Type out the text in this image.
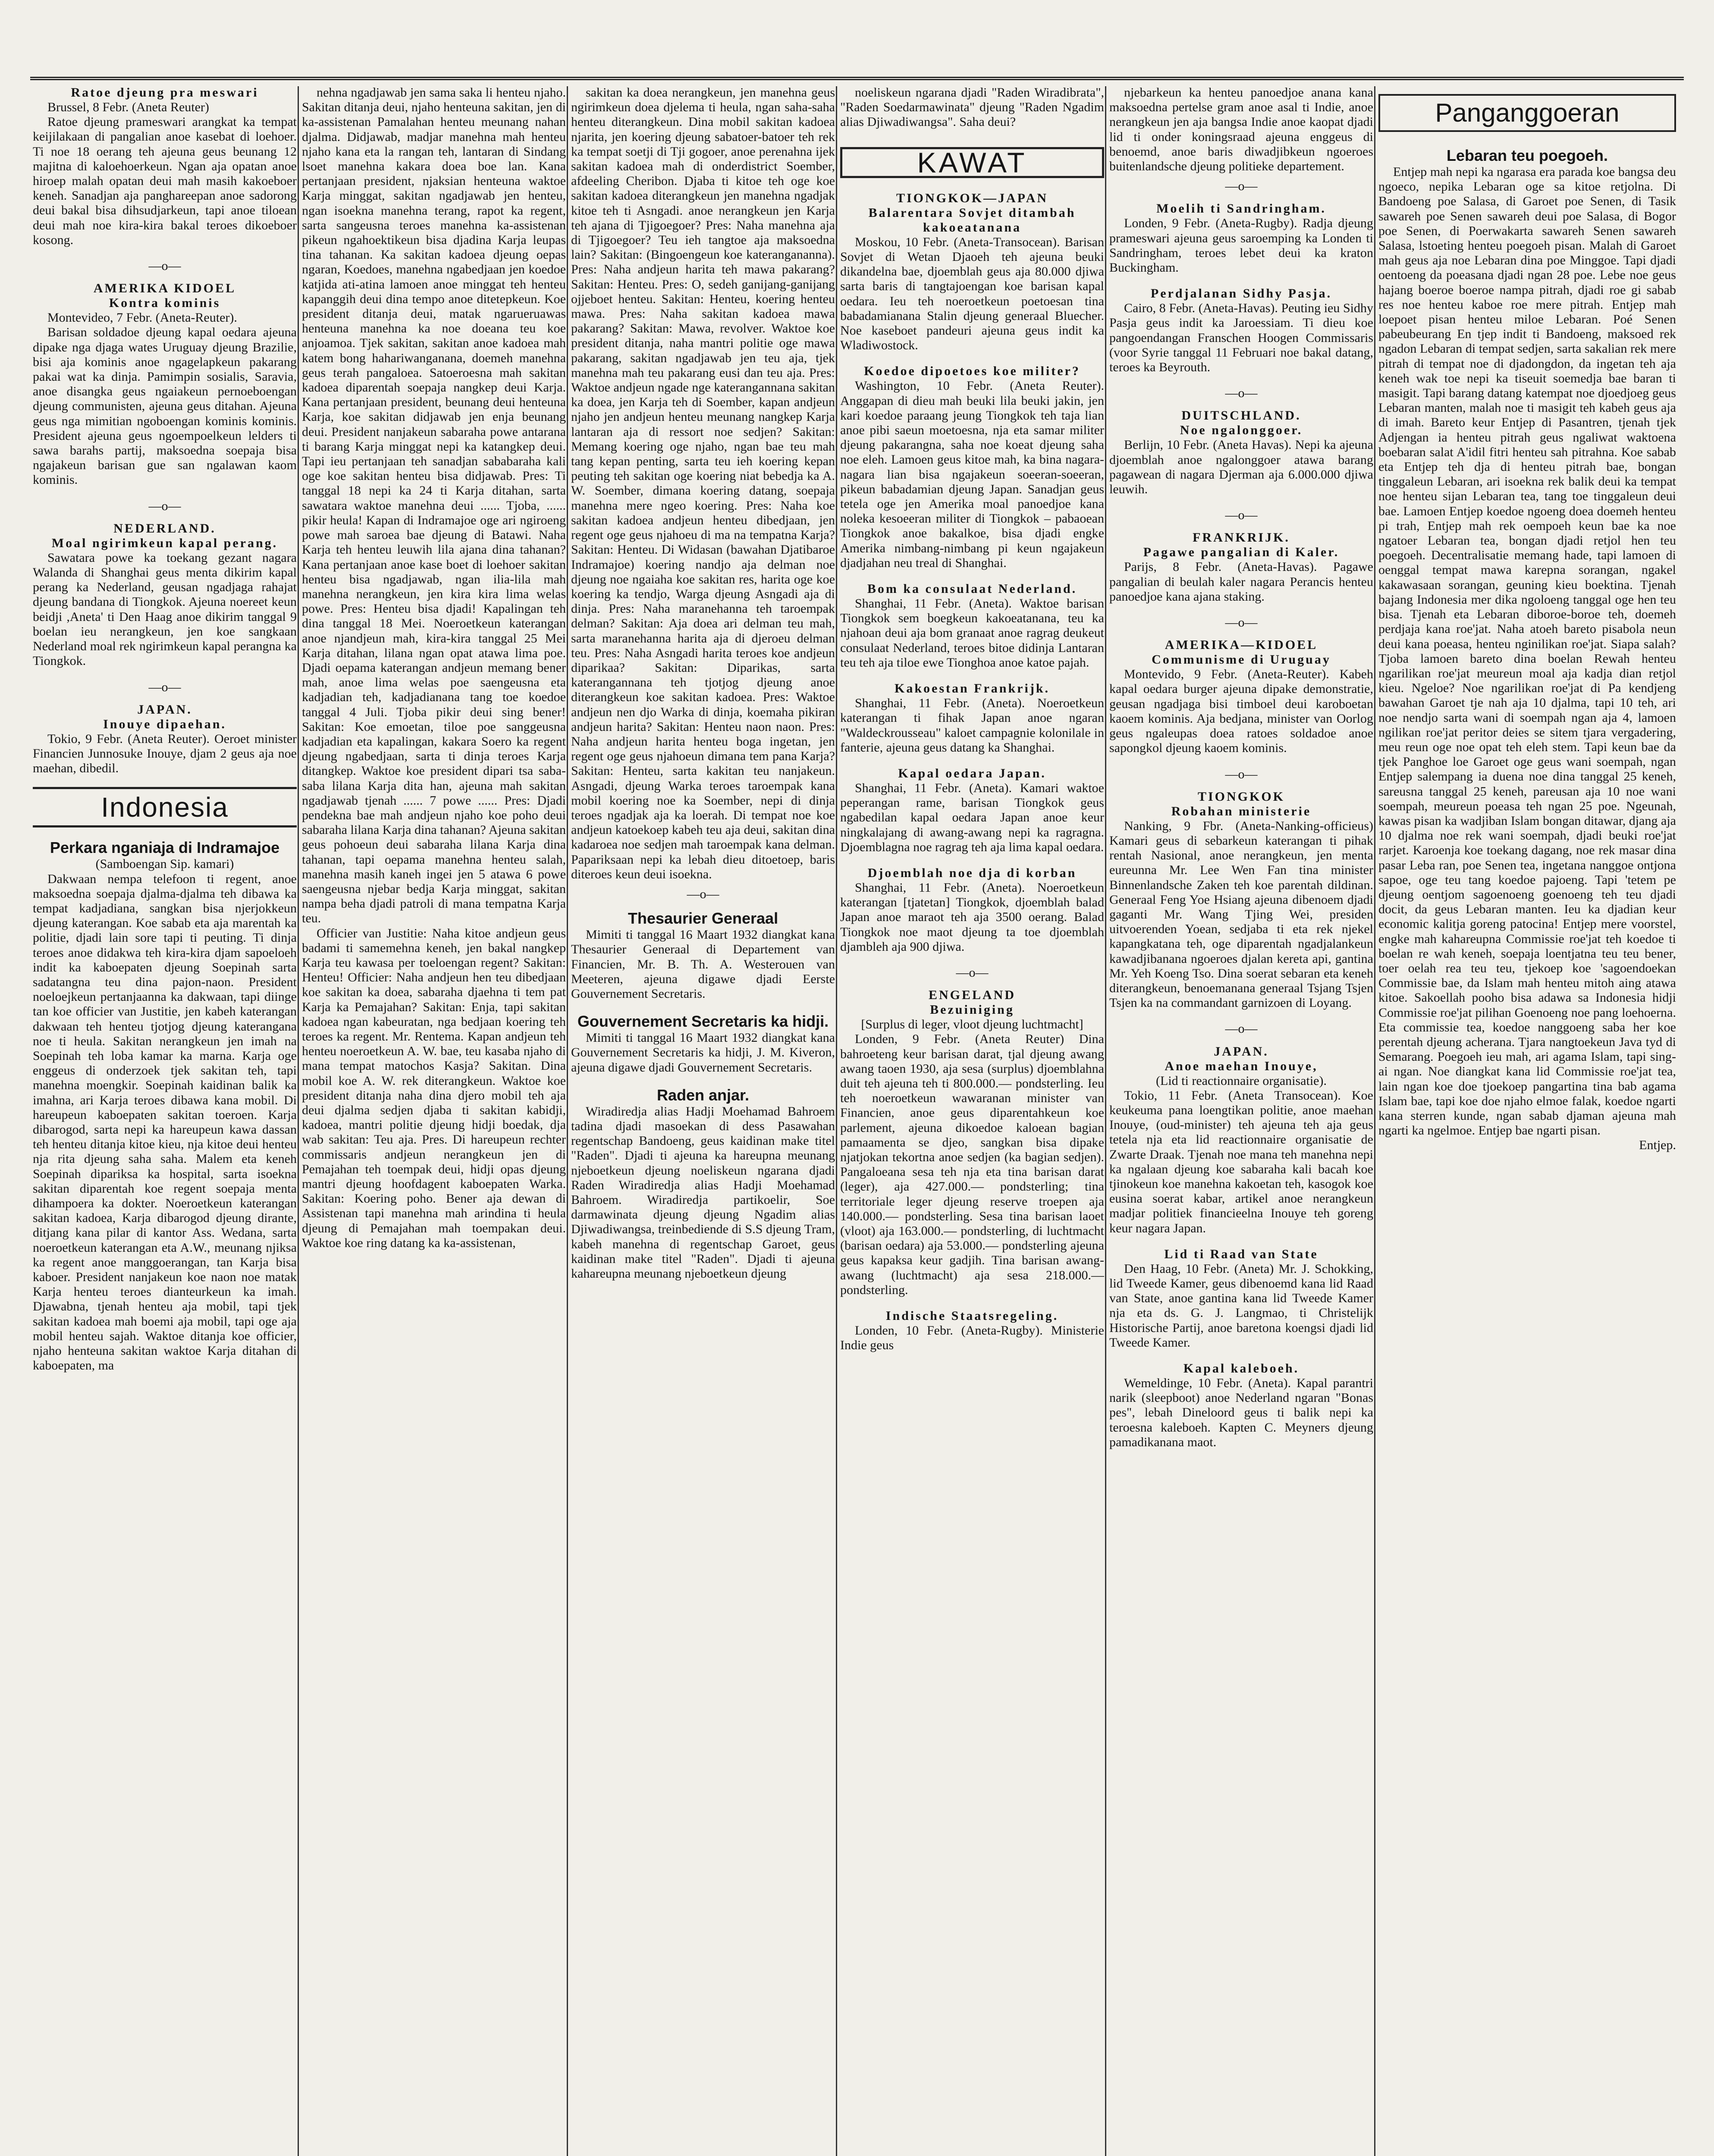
Ratoe djeung pra meswari

Brussel, 8 Febr. (Aneta Reuter)

Ratoe djeung prameswari arangkat ka tempat keijilakaan di pangalian anoe kasebat di loehoer. Ti noe 18 oerang teh ajeuna geus beunang 12 majitna di kaloehoerkeun. Ngan aja opatan anoe hiroep malah opatan deui mah masih kakoeboer keneh. Sanadjan aja panghareepan anoe sadorong deui bakal bisa dihsudjarkeun, tapi anoe tiloean deui mah noe kira-kira bakal teroes dikoeboer kosong.

—o—

AMERIKA KIDOEL

Kontra kominis

Montevideo, 7 Febr. (Aneta-Reuter).

Barisan soldadoe djeung kapal oedara ajeuna dipake nga djaga wates Uruguay djeung Brazilie, bisi aja kominis anoe ngagelapkeun pakarang pakai wat ka dinja. Pamimpin sosialis, Saravia, anoe disangka geus ngaiakeun pernoeboengan djeung communisten, ajeuna geus ditahan. Ajeuna geus nga mimitian ngoboengan kominis kominis. President ajeuna geus ngoempoelkeun lelders ti sawa barahs partij, maksoedna soepaja bisa ngajakeun barisan gue san ngalawan kaom kominis.

—o—

NEDERLAND.

Moal ngirimkeun kapal perang.

Sawatara powe ka toekang gezant nagara Walanda di Shanghai geus menta dikirim kapal perang ka Nederland, geusan ngadjaga rahajat djeung bandana di Tiongkok. Ajeuna noereet keun beidji ,Aneta' ti Den Haag anoe dikirim tanggal 9 boelan ieu nerangkeun, jen koe sangkaan Nederland moal rek ngirimkeun kapal perangna ka Tiongkok.

—o—

JAPAN.

Inouye dipaehan.

Tokio, 9 Febr. (Aneta Reuter). Oeroet minister Financien Junnosuke Inouye, djam 2 geus aja noe maehan, dibedil.

Indonesia

Perkara nganiaja di Indramajoe

(Samboengan Sip. kamari)

Dakwaan nempa telefoon ti regent, anoe maksoedna soepaja djalma-djalma teh dibawa ka tempat kadjadiana, sangkan bisa njerjokkeun djeung katerangan. Koe sabab eta aja marentah ka politie, djadi lain sore tapi ti peuting. Ti dinja teroes anoe didakwa teh kira-kira djam sapoeloeh indit ka kaboepaten djeung Soepinah sarta sadatangna teu dina pajon-naon. President noeloejkeun pertanjaanna ka dakwaan, tapi diinge tan koe officier van Justitie, jen kabeh katerangan dakwaan teh henteu tjotjog djeung katerangana noe ti heula. Sakitan nerangkeun jen imah na Soepinah teh loba kamar ka marna. Karja oge enggeus di onderzoek tjek sakitan teh, tapi manehna moengkir. Soepinah kaidinan balik ka imahna, ari Karja teroes dibawa kana mobil. Di hareupeun kaboepaten sakitan toeroen. Karja dibarogod, sarta nepi ka hareupeun kawa dassan teh henteu ditanja kitoe kieu, nja kitoe deui henteu nja rita djeung saha saha. Malem eta keneh Soepinah dipariksa ka hospital, sarta isoekna sakitan diparentah koe regent soepaja menta dihampoera ka dokter. Noeroetkeun katerangan sakitan kadoea, Karja dibarogod djeung dirante, ditjang kana pilar di kantor Ass. Wedana, sarta noeroetkeun katerangan eta A.W., meunang njiksa ka regent anoe manggoerangan, tan Karja bisa kaboer. President nanjakeun koe naon noe matak Karja henteu teroes dianteurkeun ka imah. Djawabna, tjenah henteu aja mobil, tapi tjek sakitan kadoea mah boemi aja mobil, tapi oge aja mobil henteu sajah. Waktoe ditanja koe officier, njaho henteuna sakitan waktoe Karja ditahan di kaboepaten, ma

nehna ngadjawab jen sama saka li henteu njaho. Sakitan ditanja deui, njaho henteuna sakitan, jen di ka-assistenan Pamalahan henteu meunang nahan djalma. Didjawab, madjar manehna mah henteu njaho kana eta la rangan teh, lantaran di Sindang lsoet manehna kakara doea boe lan. Kana pertanjaan president, njaksian henteuna waktoe Karja minggat, sakitan ngadjawab jen henteu, ngan isoekna manehna terang, rapot ka regent, sarta sangeusna teroes manehna ka-assistenan pikeun ngahoektikeun bisa djadina Karja leupas tina tahanan. Ka sakitan kadoea djeung oepas ngaran, Koedoes, manehna ngabedjaan jen koedoe katjida ati-atina lamoen anoe minggat teh henteu kapanggih deui dina tempo anoe ditetepkeun. Koe president ditanja deui, matak ngarueruawas henteuna manehna ka noe doeana teu koe anjoamoa. Tjek sakitan, sakitan anoe kadoea mah katem bong hahariwanganana, doemeh manehna geus terah pangaloea. Satoeroesna mah sakitan kadoea diparentah soepaja nangkep deui Karja. Kana pertanjaan president, beunang deui henteuna Karja, koe sakitan didjawab jen enja beunang deui. President nanjakeun sabaraha powe antarana ti barang Karja minggat nepi ka katangkep deui. Tapi ieu pertanjaan teh sanadjan sababaraha kali oge koe sakitan henteu bisa didjawab. Pres: Ti tanggal 18 nepi ka 24 ti Karja ditahan, sarta sawatara waktoe manehna deui ...... Tjoba, ...... pikir heula! Kapan di Indramajoe oge ari ngiroeng powe mah saroea bae djeung di Batawi. Naha Karja teh henteu leuwih lila ajana dina tahanan? Kana pertanjaan anoe kase boet di loehoer sakitan henteu bisa ngadjawab, ngan ilia-lila mah manehna nerangkeun, jen kira kira lima welas powe. Pres: Henteu bisa djadi! Kapalingan teh dina tanggal 18 Mei. Noeroetkeun katerangan anoe njandjeun mah, kira-kira tanggal 25 Mei Karja ditahan, lilana ngan opat atawa lima poe. Djadi oepama katerangan andjeun memang bener mah, anoe lima welas poe saengeusna eta kadjadian teh, kadjadianana tang toe koedoe tanggal 4 Juli. Tjoba pikir deui sing bener! Sakitan: Koe emoetan, tiloe poe sanggeusna kadjadian eta kapalingan, kakara Soero ka regent djeung ngabedjaan, sarta ti dinja teroes Karja ditangkep. Waktoe koe president dipari tsa saba-saba lilana Karja dita han, ajeuna mah sakitan ngadjawab tjenah ...... 7 powe ...... Pres: Djadi pendekna bae mah andjeun njaho koe poho deui sabaraha lilana Karja dina tahanan? Ajeuna sakitan geus pohoeun deui sabaraha lilana Karja dina tahanan, tapi oepama manehna henteu salah, manehna masih kaneh ingei jen 5 atawa 6 powe saengeusna njebar bedja Karja minggat, sakitan nampa beha djadi patroli di mana tempatna Karja teu.

Officier van Justitie: Naha kitoe andjeun geus badami ti samemehna keneh, jen bakal nangkep Karja teu kawasa per toeloengan regent? Sakitan: Henteu! Officier: Naha andjeun hen teu dibedjaan koe sakitan ka doea, sabaraha djaehna ti tem pat Karja ka Pemajahan? Sakitan: Enja, tapi sakitan kadoea ngan kabeuratan, nga bedjaan koering teh teroes ka regent. Mr. Rentema. Kapan andjeun teh henteu noeroetkeun A. W. bae, teu kasaba njaho di mana tempat matochos Kasja? Sakitan. Dina mobil koe A. W. rek diterangkeun. Waktoe koe president ditanja naha dina djero mobil teh aja deui djalma sedjen djaba ti sakitan kabidji, kadoea, mantri politie djeung hidji boedak, dja wab sakitan: Teu aja. Pres. Di hareupeun rechter commissaris andjeun nerangkeun jen di Pemajahan teh toempak deui, hidji opas djeung mantri djeung hoofdagent kaboepaten Warka. Sakitan: Koering poho. Bener aja dewan di Assistenan tapi manehna mah arindina ti heula djeung di Pemajahan mah toempakan deui. Waktoe koe ring datang ka ka-assistenan,

sakitan ka doea nerangkeun, jen manehna geus ngirimkeun doea djelema ti heula, ngan saha-saha henteu diterangkeun. Dina mobil sakitan kadoea njarita, jen koering djeung sabatoer-batoer teh rek ka tempat soetji di Tji gogoer, anoe perenahna ijek sakitan kadoea mah di onderdistrict Soember, afdeeling Cheribon. Djaba ti kitoe teh oge koe sakitan kadoea diterangkeun jen manehna ngadjak kitoe teh ti Asngadi. anoe nerangkeun jen Karja teh ajana di Tjigoegoer? Pres: Naha manehna aja di Tjigoegoer? Teu ieh tangtoe aja maksoedna lain? Sakitan: (Bingoengeun koe katerangananna). Pres: Naha andjeun harita teh mawa pakarang? Sakitan: Henteu. Pres: O, sedeh ganijang-ganijang ojjeboet henteu. Sakitan: Henteu, koering henteu mawa. Pres: Naha sakitan kadoea mawa pakarang? Sakitan: Mawa, revolver. Waktoe koe president ditanja, naha mantri politie oge mawa pakarang, sakitan ngadjawab jen teu aja, tjek manehna mah teu pakarang eusi dan teu aja. Pres: Waktoe andjeun ngade nge katerangannana sakitan ka doea, jen Karja teh di Soember, kapan andjeun njaho jen andjeun henteu meunang nangkep Karja lantaran aja di ressort noe sedjen? Sakitan: Memang koering oge njaho, ngan bae teu mah tang kepan penting, sarta teu ieh koering kepan peuting teh sakitan oge koering niat bebedja ka A. W. Soember, dimana koering datang, soepaja manehna mere ngeo koering. Pres: Naha koe sakitan kadoea andjeun henteu dibedjaan, jen regent oge geus njahoeu di ma na tempatna Karja? Sakitan: Henteu. Di Widasan (bawahan Djatibaroe Indramajoe) koering nandjo aja delman noe djeung noe ngaiaha koe sakitan res, harita oge koe koering ka tendjo, Warga djeung Asngadi aja di dinja. Pres: Naha maranehanna teh taroempak delman? Sakitan: Aja doea ari delman teu mah, sarta maranehanna harita aja di djeroeu delman teu. Pres: Naha Asngadi harita teroes koe andjeun diparikaa? Sakitan: Diparikas, sarta katerangannana teh tjotjog djeung anoe diterangkeun koe sakitan kadoea. Pres: Waktoe andjeun nen djo Warka di dinja, koemaha pikiran andjeun harita? Sakitan: Henteu naon naon. Pres: Naha andjeun harita henteu boga ingetan, jen regent oge geus njahoeun dimana tem pana Karja? Sakitan: Henteu, sarta kakitan teu nanjakeun. Asngadi, djeung Warka teroes taroempak kana mobil koering noe ka Soember, nepi di dinja teroes ngadjak aja ka loerah. Di tempat noe koe andjeun katoekoep kabeh teu aja deui, sakitan dina kadaroea noe sedjen mah taroempak kana delman. Papariksaan nepi ka lebah dieu ditoetoep, baris diteroes keun deui isoekna.

—o—

Thesaurier Generaal

Mimiti ti tanggal 16 Maart 1932 diangkat kana Thesaurier Generaal di Departement van Financien, Mr. B. Th. A. Westerouen van Meeteren, ajeuna digawe djadi Eerste Gouvernement Secretaris.

Gouvernement Secretaris ka hidji.

Mimiti ti tanggal 16 Maart 1932 diangkat kana Gouvernement Secretaris ka hidji, J. M. Kiveron, ajeuna digawe djadi Gouvernement Secretaris.

Raden anjar.

Wiradiredja alias Hadji Moehamad Bahroem tadina djadi masoekan di dess Pasawahan regentschap Bandoeng, geus kaidinan make titel "Raden". Djadi ti ajeuna ka hareupna meunang njeboetkeun djeung noeliskeun ngarana djadi Raden Wiradiredja alias Hadji Moehamad Bahroem. Wiradiredja partikoelir, Soe darmawinata djeung djeung Ngadim alias Djiwadiwangsa, treinbediende di S.S djeung Tram, kabeh manehna di regentschap Garoet, geus kaidinan make titel "Raden". Djadi ti ajeuna kahareupna meunang njeboetkeun djeung

noeliskeun ngarana djadi "Raden Wiradibrata", "Raden Soedarmawinata" djeung "Raden Ngadim alias Djiwadiwangsa". Saha deui?

KAWAT

TIONGKOK—JAPAN

Balarentara Sovjet ditambah kakoeatanana

Moskou, 10 Febr. (Aneta-Transocean). Barisan Sovjet di Wetan Djaoeh teh ajeuna beuki dikandelna bae, djoemblah geus aja 80.000 djiwa sarta baris di tangtajoengan koe barisan kapal oedara. Ieu teh noeroetkeun poetoesan tina babadamianana Stalin djeung generaal Bluecher. Noe kaseboet pandeuri ajeuna geus indit ka Wladiwostock.

Koedoe dipoetoes koe militer?

Washington, 10 Febr. (Aneta Reuter). Anggapan di dieu mah beuki lila beuki jakin, jen kari koedoe paraang jeung Tiongkok teh taja lian anoe pibi saeun moetoesna, nja eta samar militer djeung pakarangna, saha noe koeat djeung saha noe eleh. Lamoen geus kitoe mah, ka bina nagara-nagara lian bisa ngajakeun soeeran-soeeran, pikeun babadamian djeung Japan. Sanadjan geus tetela oge jen Amerika moal panoedjoe kana noleka kesoeeran militer di Tiongkok – pabaoean Tiongkok anoe bakalkoe, bisa djadi engke Amerika nimbang-nimbang pi keun ngajakeun djadjahan neu treal di Shanghai.

Bom ka consulaat Nederland.

Shanghai, 11 Febr. (Aneta). Waktoe barisan Tiongkok sem boegkeun kakoeatanana, teu ka njahoan deui aja bom granaat anoe ragrag deukeut consulaat Nederland, teroes bitoe didinja Lantaran teu teh aja tiloe ewe Tionghoa anoe katoe pajah.

Kakoestan Frankrijk.

Shanghai, 11 Febr. (Aneta). Noeroetkeun katerangan ti fihak Japan anoe ngaran "Waldeckrousseau" kaloet campagnie kolonilale in fanterie, ajeuna geus datang ka Shanghai.

Kapal oedara Japan.

Shanghai, 11 Febr. (Aneta). Kamari waktoe peperangan rame, barisan Tiongkok geus ngabedilan kapal oedara Japan anoe keur ningkalajang di awang-awang nepi ka ragragna. Djoemblagna noe ragrag teh aja lima kapal oedara.

Djoemblah noe dja di korban

Shanghai, 11 Febr. (Aneta). Noeroetkeun katerangan [tjatetan] Tiongkok, djoemblah balad Japan anoe maraot teh aja 3500 oerang. Balad Tiongkok noe maot djeung ta toe djoemblah djambleh aja 900 djiwa.

—o—

ENGELAND

Bezuiniging

[Surplus di leger, vloot djeung luchtmacht]

Londen, 9 Febr. (Aneta Reuter) Dina bahroeteng keur barisan darat, tjal djeung awang awang taoen 1930, aja sesa (surplus) djoemblahna duit teh ajeuna teh ti 800.000.— pondsterling. Ieu teh noeroetkeun wawaranan minister van Financien, anoe geus diparentahkeun koe parlement, ajeuna dikoedoe kaloean bagian pamaamenta se djeo, sangkan bisa dipake njatjokan tekortna anoe sedjen (ka bagian sedjen). Pangaloeana sesa teh nja eta tina barisan darat (leger), aja 427.000.— pondsterling; tina territoriale leger djeung reserve troepen aja 140.000.— pondsterling. Sesa tina barisan laoet (vloot) aja 163.000.— pondsterling, di luchtmacht (barisan oedara) aja 53.000.— pondsterling ajeuna geus kapaksa keur gadjih. Tina barisan awang-awang (luchtmacht) aja sesa 218.000.— pondsterling.

Indische Staatsregeling.

Londen, 10 Febr. (Aneta-Rugby). Ministerie Indie geus

njebarkeun ka henteu panoedjoe anana kana maksoedna pertelse gram anoe asal ti Indie, anoe nerangkeun jen aja bangsa Indie anoe kaopat djadi lid ti onder koningsraad ajeuna enggeus di benoemd, anoe baris diwadjibkeun ngoeroes buitenlandsche djeung politieke departement.

—o—

Moelih ti Sandringham.

Londen, 9 Febr. (Aneta-Rugby). Radja djeung prameswari ajeuna geus saroemping ka Londen ti Sandringham, teroes lebet deui ka kraton Buckingham.

Perdjalanan Sidhy Pasja.

Cairo, 8 Febr. (Aneta-Havas). Peuting ieu Sidhy Pasja geus indit ka Jaroessiam. Ti dieu koe pangoendangan Franschen Hoogen Commissaris (voor Syrie tanggal 11 Februari noe bakal datang, teroes ka Beyrouth.

—o—

DUITSCHLAND.

Noe ngalonggoer.

Berlijn, 10 Febr. (Aneta Havas). Nepi ka ajeuna djoemblah anoe ngalonggoer atawa barang pagawean di nagara Djerman aja 6.000.000 djiwa leuwih.

—o—

FRANKRIJK.

Pagawe pangalian di Kaler.

Parijs, 8 Febr. (Aneta-Havas). Pagawe pangalian di beulah kaler nagara Perancis henteu panoedjoe kana ajana staking.

—o—

AMERIKA—KIDOEL

Communisme di Uruguay

Montevido, 9 Febr. (Aneta-Reuter). Kabeh kapal oedara burger ajeuna dipake demonstratie, geusan ngadjaga bisi timboel deui karoboetan kaoem kominis. Aja bedjana, minister van Oorlog geus ngaleupas doea ratoes soldadoe anoe sapongkol djeung kaoem kominis.

—o—

TIONGKOK

Robahan ministerie

Nanking, 9 Fbr. (Aneta-Nanking-officieus) Kamari geus di sebarkeun katerangan ti pihak rentah Nasional, anoe nerangkeun, jen menta eureunna Mr. Lee Wen Fan tina minister Binnenlandsche Zaken teh koe parentah dildinan. Generaal Feng Yoe Hsiang ajeuna dibenoem djadi gaganti Mr. Wang Tjing Wei, presiden uitvoerenden Yoean, sedjaba ti eta rek njekel kapangkatana teh, oge diparentah ngadjalankeun kawadjibanana ngoeroes djalan kereta api, gantina Mr. Yeh Koeng Tso. Dina soerat sebaran eta keneh diterangkeun, benoemanana generaal Tsjang Tsjen Tsjen ka na commandant garnizoen di Loyang.

—o—

JAPAN.

Anoe maehan Inouye,

(Lid ti reactionnaire organisatie).

Tokio, 11 Febr. (Aneta Transocean). Koe keukeuma pana loengtikan politie, anoe maehan Inouye, (oud-minister) teh ajeuna teh aja geus tetela nja eta lid reactionnaire organisatie de Zwarte Draak. Tjenah noe mana teh manehna nepi ka ngalaan djeung koe sabaraha kali bacah koe tjinokeun koe manehna kakoetan teh, kasogok koe eusina soerat kabar, artikel anoe nerangkeun madjar politiek financieelna Inouye teh goreng keur nagara Japan.

Lid ti Raad van State

Den Haag, 10 Febr. (Aneta) Mr. J. Schokking, lid Tweede Kamer, geus dibenoemd kana lid Raad van State, anoe gantina kana lid Tweede Kamer nja eta ds. G. J. Langmao, ti Christelijk Historische Partij, anoe baretona koengsi djadi lid Tweede Kamer.

Kapal kaleboeh.

Wemeldinge, 10 Febr. (Aneta). Kapal parantri narik (sleepboot) anoe Nederland ngaran "Bonas pes", lebah Dineloord geus ti balik nepi ka teroesna kaleboeh. Kapten C. Meyners djeung pamadikanana maot.

Panganggoeran

Lebaran teu poegoeh.

Entjep mah nepi ka ngarasa era parada koe bangsa deu ngoeco, nepika Lebaran oge sa kitoe retjolna. Di Bandoeng poe Salasa, di Garoet poe Senen, di Tasik sawareh poe Senen sawareh deui poe Salasa, di Bogor poe Senen, di Poerwakarta sawareh Senen sawareh Salasa, lstoeting henteu poegoeh pisan. Malah di Garoet mah geus aja noe Lebaran dina poe Minggoe. Tapi djadi oentoeng da poeasana djadi ngan 28 poe. Lebe noe geus hajang boeroe boeroe nampa pitrah, djadi roe gi sabab res noe henteu kaboe roe mere pitrah. Entjep mah loepoet pisan henteu miloe Lebaran. Poé Senen pabeubeurang En tjep indit ti Bandoeng, maksoed rek ngadon Lebaran di tempat sedjen, sarta sakalian rek mere pitrah di tempat noe di djadongdon, da ingetan teh aja keneh wak toe nepi ka tiseuit soemedja bae baran ti masigit. Tapi barang datang katempat noe djoedjoeg geus Lebaran manten, malah noe ti masigit teh kabeh geus aja di imah. Bareto keur Entjep di Pasantren, tjenah tjek Adjengan ia henteu pitrah geus ngaliwat waktoena boebaran salat A'idil fitri henteu sah pitrahna. Koe sabab eta Entjep teh dja di henteu pitrah bae, bongan tinggaleun Lebaran, ari isoekna rek balik deui ka tempat noe henteu sijan Lebaran tea, tang toe tinggaleun deui bae. Lamoen Entjep koedoe ngoeng doea doemeh henteu pi trah, Entjep mah rek oempoeh keun bae ka noe ngatoer Lebaran tea, bongan djadi retjol hen teu poegoeh. Decentralisatie memang hade, tapi lamoen di oenggal tempat mawa karepna sorangan, ngakel kakawasaan sorangan, geuning kieu boektina. Tjenah bajang Indonesia mer dika ngoloeng tanggal oge hen teu bisa. Tjenah eta Lebaran diboroe-boroe teh, doemeh perdjaja kana roe'jat. Naha atoeh bareto pisabola neun deui kana poeasa, henteu nginilikan roe'jat. Siapa salah? Tjoba lamoen bareto dina boelan Rewah henteu ngarilikan roe'jat meureun moal aja kadja dian retjol kieu. Ngeloe? Noe ngarilikan roe'jat di Pa kendjeng bawahan Garoet tje nah aja 10 djalma, tapi 10 teh, ari noe nendjo sarta wani di soempah ngan aja 4, lamoen ngilikan roe'jat peritor deies se sitem tjara vergadering, meu reun oge noe opat teh eleh stem. Tapi keun bae da tjek Panghoe loe Garoet oge geus wani soempah, ngan Entjep salempang ia duena noe dina tanggal 25 keneh, sareusna tanggal 25 keneh, pareusan aja 10 noe wani soempah, meureun poeasa teh ngan 25 poe. Ngeunah, kawas pisan ka wadjiban Islam bongan ditawar, djang aja 10 djalma noe rek wani soempah, djadi beuki roe'jat rarjet. Karoenja koe toekang dagang, noe rek masar dina pasar Leba ran, poe Senen tea, ingetana nanggoe ontjona sapoe, oge teu tang koedoe pajoeng. Tapi 'tetem pe djeung oentjom sagoenoeng goenoeng teh teu djadi docit, da geus Lebaran manten. Ieu ka djadian keur economic kalitja goreng patocina! Entjep mere voorstel, engke mah kahareupna Commissie roe'jat teh koedoe ti boelan re wah keneh, soepaja loentjatna teu teu bener, toer oelah rea teu teu, tjekoep koe 'sagoendoekan Commissie bae, da Islam mah henteu mitoh aing atawa kitoe. Sakoellah pooho bisa adawa sa Indonesia hidji Commissie roe'jat pilihan Goenoeng noe pang loehoerna. Eta commissie tea, koedoe nanggoeng saba her koe perentah djeung acherana. Tjara nangtoekeun Java tyd di Semarang. Poegoeh ieu mah, ari agama Islam, tapi sing-ai ngan. Noe diangkat kana lid Commissie roe'jat tea, lain ngan koe doe tjoekoep pangartina tina bab agama Islam bae, tapi koe doe njaho elmoe falak, koedoe ngarti kana sterren kunde, ngan sabab djaman ajeuna mah ngarti ka ngelmoe. Entjep bae ngarti pisan.

Entjep.
